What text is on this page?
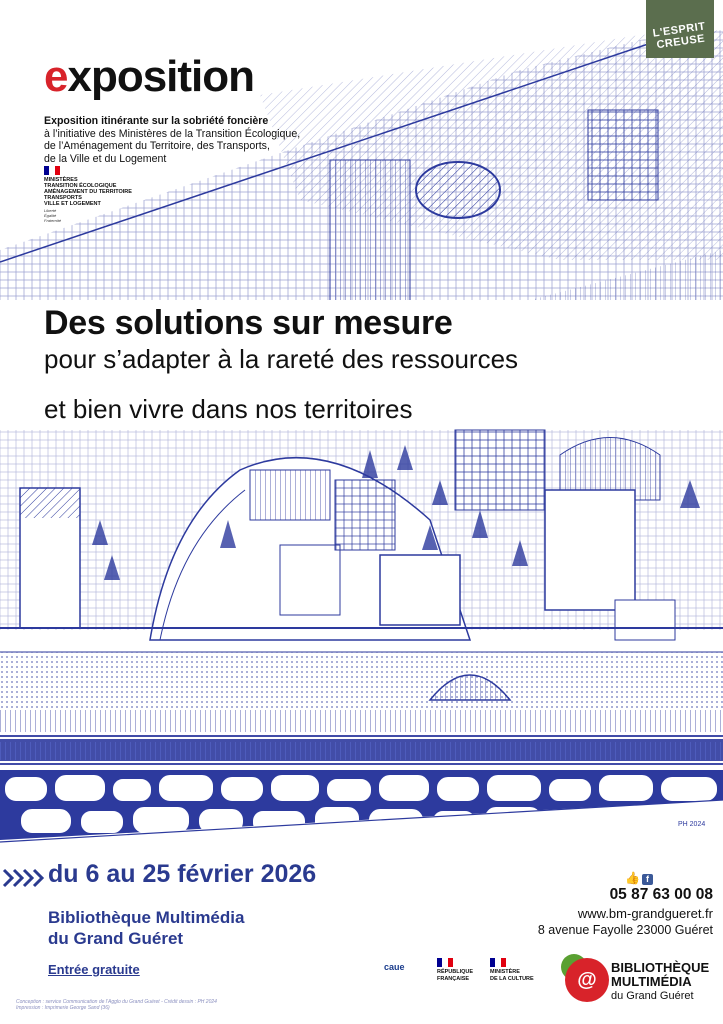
PH 2024
L'ESPRIT CREUSE
exposition
Exposition itinérante sur la sobriété foncière
à l’initiative des Ministères de la Transition Écologique,
de l’Aménagement du Territoire, des Transports,
de la Ville et du Logement
MINISTÈRES
TRANSITION ÉCOLOGIQUE
AMÉNAGEMENT DU TERRITOIRE
TRANSPORTS
VILLE ET LOGEMENT
Liberté
Égalité
Fraternité
Des solutions sur mesure
pour s’adapter à la rareté des ressources
et bien vivre dans nos territoires
du 6 au 25 février 2026
Bibliothèque Multimédia
du Grand Guéret
Entrée gratuite
Conception : service Communication de l’Agglo du Grand Guéret - Crédit dessin : PH 2024
Impression : Imprimerie George Sand (36)
👍 f
05 87 63 00 08
www.bm-grandgueret.fr
8 avenue Fayolle 23000 Guéret
caue	RÉPUBLIQUE
FRANÇAISE
MINISTÈRE
DE LA CULTURE	@
BIBLIOTHÈQUE
MULTIMÉDIA
du Grand Guéret
